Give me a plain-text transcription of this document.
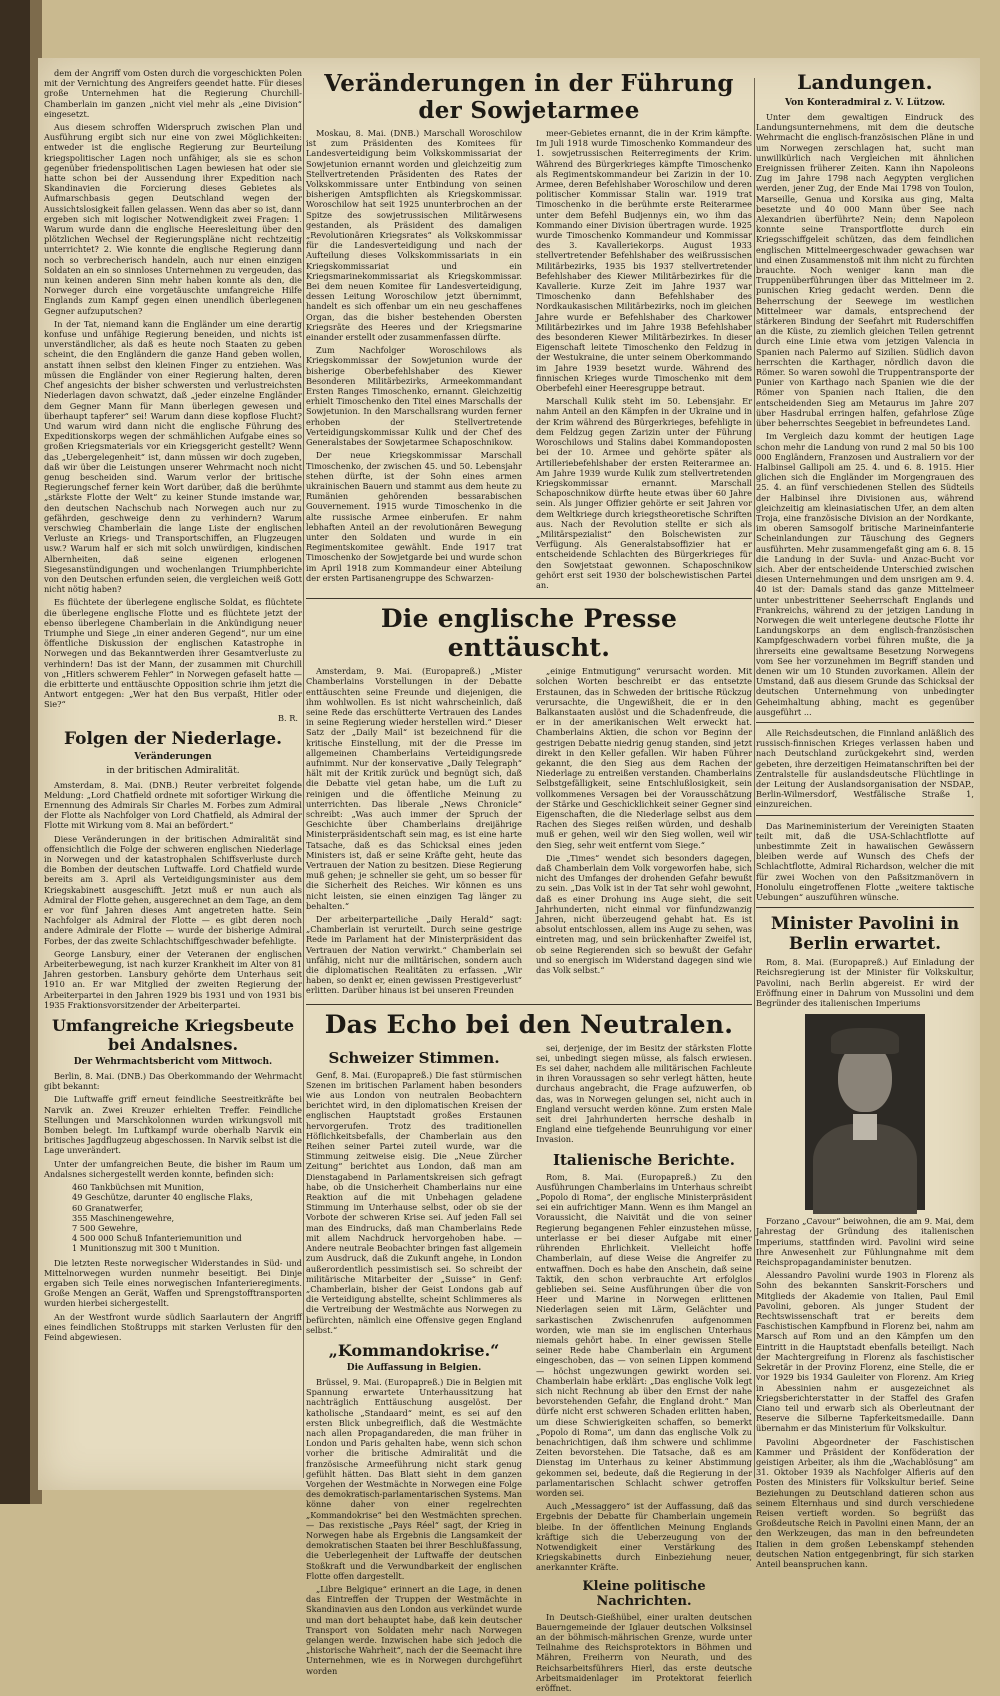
dem der Angriff vom Osten durch die vorgeschickten Polen mit der Vernichtung des Angreifers geendet hatte. Für dieses große Unternehmen hat die Regierung Churchill-Chamberlain im ganzen „nicht viel mehr als „eine Division“ eingesetzt.

Aus diesem schroffen Widerspruch zwischen Plan und Ausführung ergibt sich nur eine von zwei Möglichkeiten: entweder ist die englische Regierung zur Beurteilung kriegspolitischer Lagen noch unfähiger, als sie es schon gegenüber friedenspolitischen Lagen bewiesen hat oder sie hatte schon bei der Aussendung ihrer Expedition nach Skandinavien die Forcierung dieses Gebietes als Aufmarschbasis gegen Deutschland wegen der Aussichtslosigkeit fallen gelassen. Wenn das aber so ist, dann ergeben sich mit logischer Notwendigkeit zwei Fragen: 1. Warum wurde dann die englische Heeresleitung über den plötzlichen Wechsel der Regierungspläne nicht rechtzeitig unterrichtet? 2. Wie konnte die englische Regierung dann noch so verbrecherisch handeln, auch nur einen einzigen Soldaten an ein so sinnloses Unternehmen zu vergeuden, das nun keinen anderen Sinn mehr haben konnte als den, die Norweger durch eine vorgetäuschte umfangreiche Hilfe Englands zum Kampf gegen einen unendlich überlegenen Gegner aufzuputschen?

In der Tat, niemand kann die Engländer um eine derartig konfuse und unfähige Regierung beneiden, und nichts ist unverständlicher, als daß es heute noch Staaten zu geben scheint, die den Engländern die ganze Hand geben wollen, anstatt ihnen selbst den kleinen Finger zu entziehen. Was müssen die Engländer von einer Regierung halten, deren Chef angesichts der bisher schwersten und verlustreichsten Niederlagen davon schwatzt, daß „jeder einzelne Engländer dem Gegner Mann für Mann überlegen gewesen und überhaupt tapferer“ sei! Warum dann diese kopflose Flucht? Und warum wird dann nicht die englische Führung des Expeditionskorps wegen der schmählichen Aufgabe eines so großen Kriegsmaterials vor ein Kriegsgericht gestellt? Wenn das „Uebergelegenheit“ ist, dann müssen wir doch zugeben, daß wir über die Leistungen unserer Wehrmacht noch nicht genug bescheiden sind. Warum verlor der britische Regierungschef ferner kein Wort darüber, daß die berühmte „stärkste Flotte der Welt“ zu keiner Stunde imstande war, den deutschen Nachschub nach Norwegen auch nur zu gefährden, geschweige denn zu verhindern? Warum verschwieg Chamberlain die lange Liste der englischen Verluste an Kriegs- und Transportschiffen, an Flugzeugen usw.? Warum half er sich mit solch unwürdigen, kindischen Albernheiten, daß seine eigenen erlogenen Siegesanstündigungen und wochenlangen Triumphberichte von den Deutschen erfunden seien, die vergleichen weiß Gott nicht nötig haben?

Es flüchtete der überlegene englische Soldat, es flüchtete die überlegene englische Flotte und es flüchtete jetzt der ebenso überlegene Chamberlain in die Ankündigung neuer Triumphe und Siege „in einer anderen Gegend“, nur um eine öffentliche Diskussion der englischen Katastrophe in Norwegen und das Bekanntwerden ihrer Gesamtverluste zu verhindern! Das ist der Mann, der zusammen mit Churchill von „Hitlers schwerem Fehler“ in Norwegen gefaselt hatte — die erbitterte und enttäuschte Opposition schrie ihm jetzt die Antwort entgegen: „Wer hat den Bus verpaßt, Hitler oder Sie?“

B. R.
Folgen der Niederlage.
Veränderungen
in der britischen Admiralität.

Amsterdam, 8. Mai. (DNB.) Reuter verbreitet folgende Meldung: „Lord Chatfield ordnete mit sofortiger Wirkung die Ernennung des Admirals Sir Charles M. Forbes zum Admiral der Flotte als Nachfolger von Lord Chatfield, als Admiral der Flotte mit Wirkung vom 8. Mai an befördert.“

Diese Veränderungen in der britischen Admiralität sind offensichtlich die Folge der schweren englischen Niederlage in Norwegen und der katastrophalen Schiffsverluste durch die Bomben der deutschen Luftwaffe. Lord Chatfield wurde bereits am 3. April als Verteidigungsminister aus dem Kriegskabinett ausgeschifft. Jetzt muß er nun auch als Admiral der Flotte gehen, ausgerechnet an dem Tage, an dem er vor fünf Jahren dieses Amt angetreten hatte. Sein Nachfolger als Admiral der Flotte — es gibt deren noch andere Admirale der Flotte — wurde der bisherige Admiral Forbes, der das zweite Schlachtschiffgeschwader befehligte.

George Lansbury, einer der Veteranen der englischen Arbeiterbewegung, ist nach kurzer Krankheit im Alter von 81 Jahren gestorben. Lansbury gehörte dem Unterhaus seit 1910 an. Er war Mitglied der zweiten Regierung der Arbeiterpartei in den Jahren 1929 bis 1931 und von 1931 bis 1935 Fraktionsvorsitzender der Arbeiterpartei.

Umfangreiche Kriegsbeute bei Andalsnes.
Der Wehrmachtsbericht vom Mittwoch.

Berlin, 8. Mai. (DNB.) Das Oberkommando der Wehrmacht gibt bekannt:

Die Luftwaffe griff erneut feindliche Seestreitkräfte bei Narvik an. Zwei Kreuzer erhielten Treffer. Feindliche Stellungen und Marschkolonnen wurden wirkungsvoll mit Bomben belegt. Im Luftkampf wurde oberhalb Narvik ein britisches Jagdflugzeug abgeschossen. In Narvik selbst ist die Lage unverändert.

Unter der umfangreichen Beute, die bisher im Raum um Andalsnes sichergestellt werden konnte, befinden sich:

460 Tankbüchsen mit Munition,
49 Geschütze, darunter 40 englische Flaks,
60 Granatwerfer,
355 Maschinengewehre,
7 500 Gewehre,
4 500 000 Schuß Infanteriemunition und
1 Munitionszug mit 300 t Munition.

Die letzten Reste norwegischer Widerstandes in Süd- und Mittelnorwegen wurden nunmehr beseitigt. Bei Dinje ergaben sich Teile eines norwegischen Infanterieregiments. Große Mengen an Gerät, Waffen und Sprengstofftransporten wurden hierbei sichergestellt.

An der Westfront wurde südlich Saarlautern der Angriff eines feindlichen Stoßtrupps mit starken Verlusten für den Feind abgewiesen.

Veränderungen in der Führung der Sowjetarmee

Moskau, 8. Mai. (DNB.) Marschall Woroschilow ist zum Präsidenten des Komitees für Landesverteidigung beim Volkskommissariat der Sowjetunion ernannt worden und gleichzeitig zum Stellvertretenden Präsidenten des Rates der Volkskommissare unter Entbindung von seinen bisherigen Amtspflichten als Kriegskommissar. Woroschilow hat seit 1925 ununterbrochen an der Spitze des sowjetrussischen Militärwesens gestanden, als Präsident des damaligen „Revolutionären Kriegsrates“ als Volkskommissar für die Landesverteidigung und nach der Aufteilung dieses Volkskommissariats in ein Kriegskommissariat und ein Kriegsmarinekommissariat als Kriegskommissar. Bei dem neuen Komitee für Landesverteidigung, dessen Leitung Woroschilow jetzt übernimmt, handelt es sich offenbar um ein neu geschaffenes Organ, das die bisher bestehenden Obersten Kriegsräte des Heeres und der Kriegsmarine einander erstellt oder zusammenfassen dürfte.

Zum Nachfolger Woroschilows als Kriegskommissar der Sowjetunion wurde der bisherige Oberbefehlshaber des Kiewer Besonderen Militärbezirks, Armeekommandant Ersten Ranges Timoschenko, ernannt. Gleichzeitig erhielt Timoschenko den Titel eines Marschalls der Sowjetunion. In den Marschallsrang wurden ferner erhoben der Stellvertretende Verteidigungskommissar Kulik und der Chef des Generalstabes der Sowjetarmee Schaposchnikow.

Der neue Kriegskommissar Marschall Timoschenko, der zwischen 45. und 50. Lebensjahr stehen dürfte, ist der Sohn eines armen ukrainischen Bauern und stammt aus dem heute zu Rumänien gehörenden bessarabischen Gouvernement. 1915 wurde Timoschenko in die alte russische Armee einberufen. Er nahm lebhaften Anteil an der revolutionären Bewegung unter den Soldaten und wurde in ein Regimentskomitee gewählt. Ende 1917 trat Timoschenko der Sowjetgarde bei und wurde schon im April 1918 zum Kommandeur einer Abteilung der ersten Partisanengruppe des Schwarzen-

meer-Gebietes ernannt, die in der Krim kämpfte. Im Juli 1918 wurde Timoschenko Kommandeur des 1. sowjetrussischen Reiterregiments der Krim. Während des Bürgerkrieges kämpfte Timoschenko als Regimentskommandeur bei Zarizin in der 10. Armee, deren Befehlshaber Woroschilow und deren politischer Kommissar Stalin war. 1919 trat Timoschenko in die berühmte erste Reiterarmee unter dem Befehl Budjennys ein, wo ihm das Kommando einer Division übertragen wurde. 1925 wurde Timoschenko Kommandeur und Kommissar des 3. Kavalleriekorps. August 1933 stellvertretender Befehlshaber des weißrussischen Militärbezirks, 1935 bis 1937 stellvertretender Befehlshaber des Kiewer Militärbezirkes für die Kavallerie. Kurze Zeit im Jahre 1937 war Timoschenko dann Befehlshaber des Nordkaukasischen Militärbezirks, noch im gleichen Jahre wurde er Befehlshaber des Charkower Militärbezirkes und im Jahre 1938 Befehlshaber des besonderen Kiewer Militärbezirkes. In dieser Eigenschaft leitete Timoschenko den Feldzug in der Westukraine, die unter seinem Oberkommando im Jahre 1939 besetzt wurde. Während des finnischen Krieges wurde Timoschenko mit dem Oberbefehl einer Heeresgruppe betraut.

Marschall Kulik steht im 50. Lebensjahr. Er nahm Anteil an den Kämpfen in der Ukraine und in der Krim während des Bürgerkrieges, befehligte in dem Feldzug gegen Zarizin unter der Führung Woroschilows und Stalins dabei Kommandoposten bei der 10. Armee und gehörte später als Artilleriebefehlshaber der ersten Reiterarmee an. Am Jahre 1939 wurde Kulik zum stellvertretenden Kriegskommissar ernannt. Marschall Schaposchnikow dürfte heute etwas über 60 Jahre sein. Als junger Offizier gehörte er seit Jahren vor dem Weltkriege durch kriegstheoretische Schriften aus. Nach der Revolution stellte er sich als „Militärspezialist“ den Bolschewisten zur Verfügung. Als Generalstabsoffizier hat er entscheidende Schlachten des Bürgerkrieges für den Sowjetstaat gewonnen. Schaposchnikow gehört erst seit 1930 der bolschewistischen Partei an.

Die englische Presse enttäuscht.

Amsterdam, 9. Mai. (Europapreß.) „Mister Chamberlains Vorstellungen in der Debatte enttäuschten seine Freunde und diejenigen, die ihm wohlwollen. Es ist nicht wahrscheinlich, daß seine Rede das erschütterte Vertrauen des Landes in seine Regierung wieder herstellen wird.“ Dieser Satz der „Daily Mail“ ist bezeichnend für die kritische Einstellung, mit der die Presse im allgemeinen Chamberlains Verteidigungsrede aufnimmt. Nur der konservative „Daily Telegraph“ hält mit der Kritik zurück und begnügt sich, daß die Debatte viel getan habe, um die Luft zu reinigen und die öffentliche Meinung zu unterrichten. Das liberale „News Chronicle“ schreibt: „Was auch immer der Spruch der Geschichte über Chamberlains dreijährige Ministerpräsidentschaft sein mag, es ist eine harte Tatsache, daß es das Schicksal eines jeden Ministers ist, daß er seine Kräfte geht, heute das Vertrauen der Nation zu besitzen. Diese Regierung muß gehen; je schneller sie geht, um so besser für die Sicherheit des Reiches. Wir können es uns nicht leisten, sie einen einzigen Tag länger zu behalten.“

Der arbeiterparteiliche „Daily Herald“ sagt: „Chamberlain ist verurteilt. Durch seine gestrige Rede im Parlament hat der Ministerpräsident das Vertrauen der Nation verwirkt.“ Chamberlain sei unfähig, nicht nur die militärischen, sondern auch die diplomatischen Realitäten zu erfassen. „Wir haben, so denkt er, einen gewissen Prestigeverlust“ erlitten. Darüber hinaus ist bei unseren Freunden

„einige Entmutigung“ verursacht worden. Mit solchen Worten beschreibt er das entsetzte Erstaunen, das in Schweden der britische Rückzug verursachte, die Ungewißheit, die er in den Balkanstaaten auslöst und die Schadenfreude, die er in der amerikanischen Welt erweckt hat. Chamberlains Aktien, die schon vor Beginn der gestrigen Debatte niedrig genug standen, sind jetzt direkt in den Keller gefallen. Wir haben Führer gekannt, die den Sieg aus dem Rachen der Niederlage zu entreißen verstanden. Chamberlains Selbstgefälligkeit, seine Entschlußlosigkeit, sein vollkommenes Versagen bei der Vorausschätzung der Stärke und Geschicklichkeit seiner Gegner sind Eigenschaften, die die Niederlage selbst aus dem Rachen des Sieges reißen würden, und deshalb muß er gehen, weil wir den Sieg wollen, weil wir den Sieg, sehr weit entfernt vom Siege.“

Die „Times“ wendet sich besonders dagegen, daß Chamberlain dem Volk vorgeworfen habe, sich nicht des Umfanges der drohenden Gefahr bewußt zu sein. „Das Volk ist in der Tat sehr wohl gewohnt, daß es einer Drohung ins Auge sieht, die seit Jahrhunderten, nicht einmal vor fünfundzwanzig Jahren, nicht überzeugend gehabt hat. Es ist absolut entschlossen, allem ins Auge zu sehen, was eintreten mag, und sein brückenhafter Zweifel ist, ob seine Regierenden sich so bewußt der Gefahr und so energisch im Widerstand dagegen sind wie das Volk selbst.“

Das Echo bei den Neutralen.
Schweizer Stimmen.

Genf, 8. Mai. (Europapreß.) Die fast stürmischen Szenen im britischen Parlament haben besonders wie aus London von neutralen Beobachtern berichtet wird, in den diplomatischen Kreisen der englischen Hauptstadt großes Erstaunen hervorgerufen. Trotz des traditionellen Höflichkeitsbefalls, der Chamberlain aus den Reihen seiner Partei zuteil wurde, war die Stimmung zeitweise eisig. Die „Neue Zürcher Zeitung“ berichtet aus London, daß man am Dienstagabend in Parlamentskreisen sich gefragt habe, ob die Unsicherheit Chamberlains nur eine Reaktion auf die mit Unbehagen geladene Stimmung im Unterhause selbst, oder ob sie der Vorbote der schweren Krise sei. Auf jeden Fall sei man des Eindrucks, daß man Chamberlains Rede mit allem Nachdruck hervorgehoben habe. — Andere neutrale Beobachter bringen fast allgemein zum Ausdruck, daß die Zukunft angehe, in London außerordentlich pessimistisch sei. So schreibt der militärische Mitarbeiter der „Suisse“ in Genf: „Chamberlain, bisher der Geist Londons gab auf die Verteidigung abstellte, scheint Schlimmeres als die Vertreibung der Westmächte aus Norwegen zu befürchten, nämlich eine Offensive gegen England selbst.“

„Kommandokrise.“
Die Auffassung in Belgien.

Brüssel, 9. Mai. (Europapreß.) Die in Belgien mit Spannung erwartete Unterhaussitzung hat nachträglich Enttäuschung ausgelöst. Der katholische „Standaard“ meint, es sei auf den ersten Blick unbegreiflich, daß die Westmächte nach allen Propagandareden, die man früher in London und Paris gehalten habe, wenn sich schon vorher die britische Admiralität und die französische Armeeführung nicht stark genug gefühlt hätten. Das Blatt sieht in dem ganzen Vorgehen der Westmächte in Norwegen eine Folge des demokratisch-parlamentarischen Systems. Man könne daher von einer regelrechten „Kommandokrise“ bei den Westmächten sprechen. — Das rexistische „Pays Réel“ sagt, der Krieg in Norwegen habe als Ergebnis die Langsamkeit der demokratischen Staaten bei ihrer Beschlußfassung, die Ueberlegenheit der Luftwaffe der deutschen Stoßkraft und die Verwundbarkeit der englischen Flotte offen dargestellt.

„Libre Belgique“ erinnert an die Lage, in denen das Eintreffen der Truppen der Westmächte in Skandinavien aus den London aus verkündet wurde und man dort behauptet habe, daß kein deutscher Transport von Soldaten mehr nach Norwegen gelangen werde. Inzwischen habe sich jedoch die „historische Wahrheit“, nach der die Seemacht ihre Unternehmen, wie es in Norwegen durchgeführt worden

sei, derjenige, der im Besitz der stärksten Flotte sei, unbedingt siegen müsse, als falsch erwiesen. Es sei daher, nachdem alle militärischen Fachleute in ihren Voraussagen so sehr verlegt hätten, heute durchaus angebracht, die Frage aufzuwerfen, ob das, was in Norwegen gelungen sei, nicht auch in England versucht werden könne. Zum ersten Male seit drei Jahrhunderten herrsche deshalb in England eine tiefgehende Beunruhigung vor einer Invasion.

Italienische Berichte.

Rom, 8. Mai. (Europapreß.) Zu den Ausführungen Chamberlains im Unterhaus schreibt „Popolo di Roma“, der englische Ministerpräsident sei ein aufrichtiger Mann. Wenn es ihm Mangel an Voraussicht, die Naivität und die von seiner Regierung begangenen Fehler einzustehen müsse, unterlasse er bei dieser Aufgabe mit einer rührenden Ehrlichkeit. Vielleicht hoffe Chamberlain, auf diese Weise die Angreifer zu entwaffnen. Doch es habe den Anschein, daß seine Taktik, den schon verbrauchte Art erfolglos geblieben sei. Seine Ausführungen über die von Heer und Marine in Norwegen erlittenen Niederlagen seien mit Lärm, Gelächter und sarkastischen Zwischenrufen aufgenommen worden, wie man sie im englischen Unterhaus niemals gehört habe. In einer gewissen Stelle seiner Rede habe Chamberlain ein Argument eingeschoben, das — von seinen Lippen kommend — höchst ungezwungen gewirkt worden sei. Chamberlain habe erklärt: „Das englische Volk legt sich nicht Rechnung ab über den Ernst der nahe bevorstehenden Gefahr, die England droht.“ Man dürfe nicht erst schweren Schaden erlitten haben, um diese Schwierigkeiten schaffen, so bemerkt „Popolo di Roma“, um dann das englische Volk zu benachrichtigen, daß ihm schwere und schlimme Zeiten bevorstehen. Die Tatsache, daß es am Dienstag im Unterhaus zu keiner Abstimmung gekommen sei, bedeute, daß die Regierung in der parlamentarischen Schlacht schwer getroffen worden sei.

Auch „Messaggero“ ist der Auffassung, daß das Ergebnis der Debatte für Chamberlain ungemein bleibe. In der öffentlichen Meinung Englands kräftige sich die Ueberzeugung von der Notwendigkeit einer Verstärkung des Kriegskabinetts durch Einbeziehung neuer, anerkannter Kräfte.

Kleine politische Nachrichten.

In Deutsch-Gießhübel, einer uralten deutschen Bauerngemeinde der Iglauer deutschen Volksinsel an der böhmisch-mährischen Grenze, wurde unter Teilnahme des Reichsprotektors in Böhmen und Mähren, Freiherrn von Neurath, und des Reichsarbeitsführers Hierl, das erste deutsche Arbeitsmaidenlager im Protektorat feierlich eröffnet.

Landungen.
Von Konteradmiral z. V. Lützow.

Unter dem gewaltigen Eindruck des Landungsunternehmens, mit dem die deutsche Wehrmacht die englisch-französischen Pläne in und um Norwegen zerschlagen hat, sucht man unwillkürlich nach Vergleichen mit ähnlichen Ereignissen früherer Zeiten. Kann ihn Napoleons Zug im Jahre 1798 nach Aegypten verglichen werden, jener Zug, der Ende Mai 1798 von Toulon, Marseille, Genua und Korsika aus ging, Malta besetzte und 40 000 Mann über See nach Alexandrien überführte? Nein; denn Napoleon konnte seine Transportflotte durch ein Kriegsschiffgeleit schützen, das dem feindlichen englischen Mittelmeergeschwader gewachsen war und einen Zusammenstoß mit ihm nicht zu fürchten brauchte. Noch weniger kann man die Truppenüberführungen über das Mittelmeer im 2. punischen Krieg gedacht werden. Denn die Beherrschung der Seewege im westlichen Mittelmeer war damals, entsprechend der stärkeren Bindung der Seefahrt mit Ruderschiffen an die Küste, zu ziemlich gleichen Teilen getrennt durch eine Linie etwa vom jetzigen Valencia in Spanien nach Palermo auf Sizilien. Südlich davon herrschten die Karthager, nördlich davon die Römer. So waren sowohl die Truppentransporte der Punier von Karthago nach Spanien wie die der Römer von Spanien nach Italien, die den entscheidenden Sieg am Metaurus im Jahre 207 über Hasdrubal erringen halfen, gefahrlose Züge über beherrschtes Seegebiet in befreundetes Land.

Im Vergleich dazu kommt der heutigen Lage schon mehr die Landung von rund 2 mal 50 bis 100 000 Engländern, Franzosen und Australiern vor der Halbinsel Gallipoli am 25. 4. und 6. 8. 1915. Hier glichen sich die Engländer im Morgengrauen des 25. 4. an fünf verschiedenen Stellen des Südteils der Halbinsel ihre Divisionen aus, während gleichzeitig am kleinasiatischen Ufer, an dem alten Troja, eine französische Division an der Nordkante, im oberen Samsogolf britische Marineinfanterie Scheinlandungen zur Täuschung des Gegners ausführten. Mehr zusammengefaßt ging am 6. 8. 15 die Landung in der Suvla- und Anzac-Bucht vor sich. Aber der entscheidende Unterschied zwischen diesen Unternehmungen und dem unsrigen am 9. 4. 40 ist der: Damals stand das ganze Mittelmeer unter unbestrittener Seeherrschaft Englands und Frankreichs, während zu der jetzigen Landung in Norwegen die weit unterlegene deutsche Flotte ihr Landungskorps an dem englisch-französischen Kampfgeschwadern vorbei führen mußte, die ja ihrerseits eine gewaltsame Besetzung Norwegens vom See her vorzunehmen im Begriff standen und denen wir um 10 Stunden zuvorkamen. Allein der Umstand, daß aus diesem Grunde das Schicksal der deutschen Unternehmung von unbedingter Geheimhaltung abhing, macht es gegenüber ausgeführt ...

Alle Reichsdeutschen, die Finnland anläßlich des russisch-finnischen Krieges verlassen haben und nach Deutschland zurückgekehrt sind, werden gebeten, ihre derzeitigen Heimatanschriften bei der Zentralstelle für auslandsdeutsche Flüchtlinge in der Leitung der Auslandsorganisation der NSDAP., Berlin-Wilmersdorf, Westfälische Straße 1, einzureichen.

Das Marineministerium der Vereinigten Staaten teilt mit, daß die USA-Schlachtflotte auf unbestimmte Zeit in hawaiischen Gewässern bleiben werde auf Wunsch des Chefs der Schlachtflotte, Admiral Richardson, welcher die mit für zwei Wochen von den Paßsitzmanövern in Honolulu eingetroffenen Flotte „weitere taktische Uebungen“ auszuführen wünsche.

Minister Pavolini in Berlin erwartet.

Rom, 8. Mai. (Europapreß.) Auf Einladung der Reichsregierung ist der Minister für Volkskultur, Pavolini, nach Berlin abgereist. Er wird der Eröffnung einer in Dahrum von Mussolini und dem Begründer des italienischen Imperiums

Forzano „Cavour“ beiwohnen, die am 9. Mai, dem Jahrestag der Gründung des italienischen Imperiums, stattfinden wird. Pavolini wird seine Ihre Anwesenheit zur Fühlungnahme mit dem Reichspropagandaminister benutzen.

Alessandro Pavolini wurde 1903 in Florenz als Sohn des bekannten Sanskrit-Forschers und Mitglieds der Akademie von Italien, Paul Emil Pavolini, geboren. Als junger Student der Rechtswissenschaft trat er bereits dem Faschistischen Kampfbund in Florenz bei, nahm am Marsch auf Rom und an den Kämpfen um den Eintritt in die Hauptstadt ebenfalls beteiligt. Nach der Machtergreifung in Florenz als faschistischer Sekretär in der Provinz Florenz, eine Stelle, die er vor 1929 bis 1934 Gauleiter von Florenz. Am Krieg in Abessinien nahm er ausgezeichnet als Kriegsberichterstatter in der Staffel des Grafen Ciano teil und erwarb sich als Oberleutnant der Reserve die Silberne Tapferkeitsmedaille. Dann übernahm er das Ministerium für Volkskultur.

Pavolini Abgeordneter der Faschistischen Kammer und Präsident der Konföderation der geistigen Arbeiter, als ihm die „Wachablösung“ am 31. Oktober 1939 als Nachfolger Alfieris auf den Posten des Ministers für Volkskultur berief. Seine Beziehungen zu Deutschland datieren schon aus seinem Elternhaus und sind durch verschiedene Reisen vertieft worden. So begrüßt das Großdeutsche Reich in Pavolini einen Mann, der an den Werkzeugen, das man in den befreundeten Italien in dem großen Lebenskampf stehenden deutschen Nation entgegenbringt, für sich starken Anteil beanspruchen kann.
